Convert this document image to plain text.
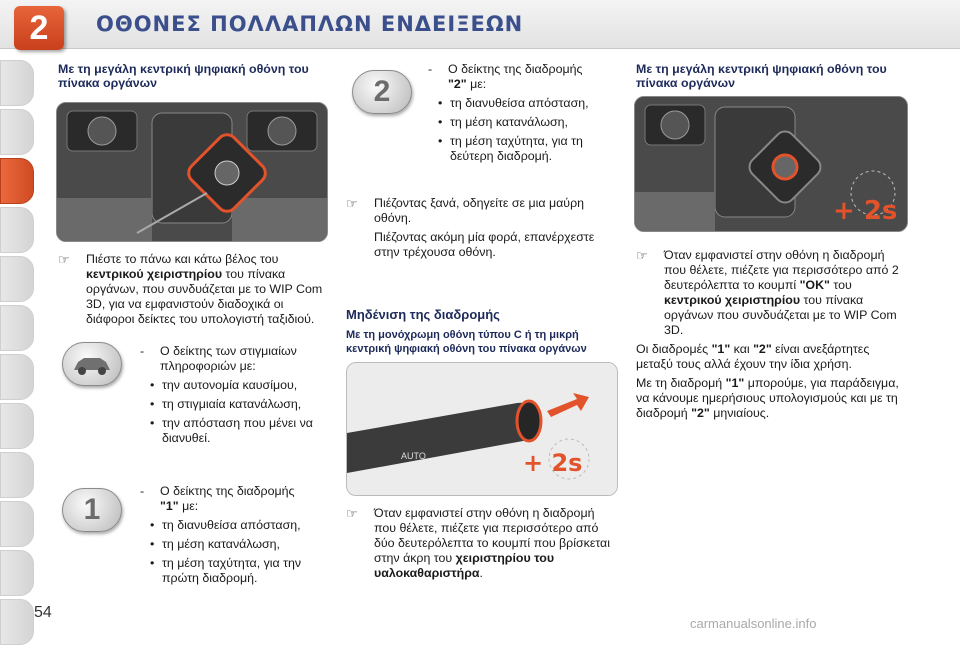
2	ΟΘΟΝΕΣ ΠΟΛΛΑΠΛΩΝ ΕΝΔΕΙΞΕΩΝ
Με τη μεγάλη κεντρική ψηφιακή οθόνη του πίνακα οργάνων

☞ Πιέστε το πάνω και κάτω βέλος του κεντρικού χειριστηρίου του πίνακα οργάνων, που συνδυάζεται με το WIP Com 3D, για να εμφανιστούν διαδοχικά οι διάφοροι δείκτες του υπολογιστή ταξιδιού.

- Ο δείκτης των στιγμιαίων πληροφοριών με:

• την αυτονομία καυσίμου,

• τη στιγμιαία κατανάλωση,

• την απόσταση που μένει να διανυθεί.

1

- Ο δείκτης της διαδρομής
"1" με:

• τη διανυθείσα απόσταση,

• τη μέση κατανάλωση,

• τη μέση ταχύτητα, για την πρώτη διαδρομή.

2

- Ο δείκτης της διαδρομής
"2" με:

• τη διανυθείσα απόσταση,

• τη μέση κατανάλωση,

• τη μέση ταχύτητα, για τη δεύτερη διαδρομή.

☞ Πιέζοντας ξανά, οδηγείτε σε μια μαύρη οθόνη.

Πιέζοντας ακόμη μία φορά, επανέρχεστε στην τρέχουσα οθόνη.

Μηδένιση της διαδρομής
Με τη μονόχρωμη οθόνη τύπου C ή τη μικρή κεντρική ψηφιακή οθόνη του πίνακα οργάνων
AUTO	+ 2s

☞ Όταν εμφανιστεί στην οθόνη η διαδρομή που θέλετε, πιέζετε για περισσότερο από δύο δευτερόλεπτα το κουμπί που βρίσκεται στην άκρη του χειριστηρίου του υαλοκαθαριστήρα.

Με τη μεγάλη κεντρική ψηφιακή οθόνη του πίνακα οργάνων
+ 2s

☞ Όταν εμφανιστεί στην οθόνη η διαδρομή που θέλετε, πιέζετε για περισσότερο από 2 δευτερόλεπτα το κουμπί "OK" του κεντρικού χειριστηρίου του πίνακα οργάνων που συνδυάζεται με το WIP Com 3D.

Οι διαδρομές "1" και "2" είναι ανεξάρτητες μεταξύ τους αλλά έχουν την ίδια χρήση.

Με τη διαδρομή "1" μπορούμε, για παράδειγμα, να κάνουμε ημερήσιους υπολογισμούς και με τη διαδρομή "2" μηνιαίους.

54
carmanualsonline.info
